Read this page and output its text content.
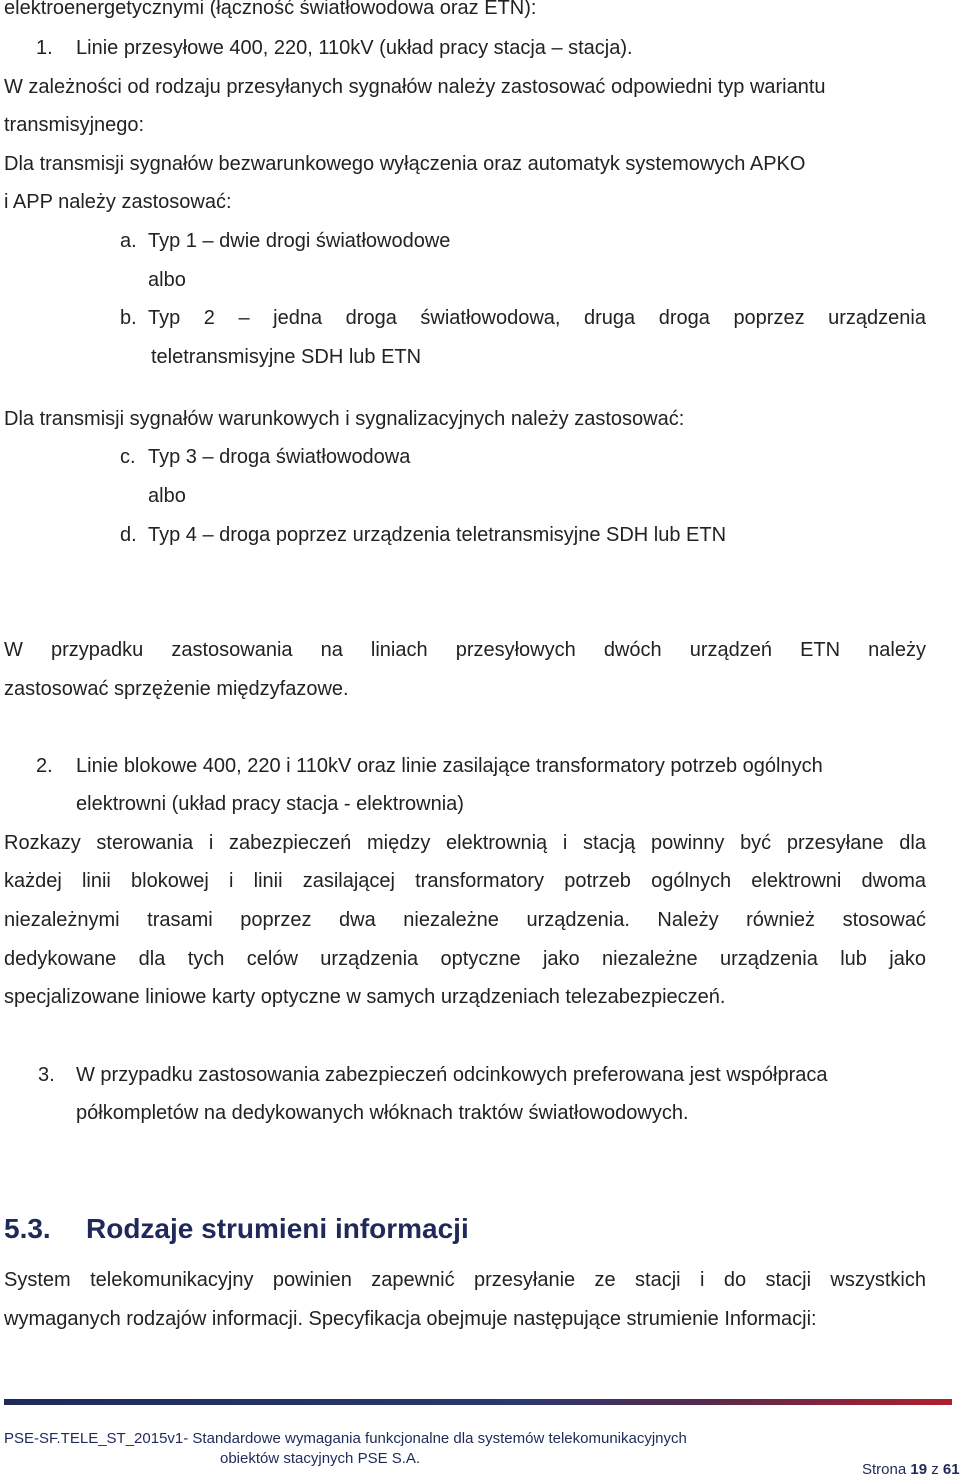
elektroenergetycznymi (łączność światłowodowa oraz ETN):
1. Linie przesyłowe 400, 220, 110kV (układ pracy stacja – stacja).
W zależności od rodzaju przesyłanych sygnałów należy zastosować odpowiedni typ wariantu
transmisyjnego:
Dla transmisji sygnałów bezwarunkowego wyłączenia oraz automatyk systemowych APKO
i APP należy zastosować:
a. Typ 1 – dwie drogi światłowodowe
albo
b. Typ 2 – jedna droga światłowodowa, druga droga poprzez urządzenia
teletransmisyjne SDH lub ETN
Dla transmisji sygnałów warunkowych i sygnalizacyjnych należy zastosować:
c. Typ 3 – droga światłowodowa
albo
d. Typ 4 – droga poprzez urządzenia teletransmisyjne SDH lub ETN
W przypadku zastosowania na liniach przesyłowych dwóch urządzeń ETN należy
zastosować sprzężenie międzyfazowe.
2. Linie blokowe 400, 220 i 110kV oraz linie zasilające transformatory potrzeb ogólnych
elektrowni (układ pracy stacja - elektrownia)
Rozkazy sterowania i zabezpieczeń między elektrownią i stacją powinny być przesyłane dla
każdej linii blokowej i linii zasilającej transformatory potrzeb ogólnych elektrowni dwoma
niezależnymi trasami poprzez dwa niezależne urządzenia. Należy również stosować
dedykowane dla tych celów urządzenia optyczne jako niezależne urządzenia lub jako
specjalizowane liniowe karty optyczne w samych urządzeniach telezabezpieczeń.
3. W przypadku zastosowania zabezpieczeń odcinkowych preferowana jest współpraca
półkompletów na dedykowanych włóknach traktów światłowodowych.
5.3. Rodzaje strumieni informacji
System telekomunikacyjny powinien zapewnić przesyłanie ze stacji i do stacji wszystkich
wymaganych rodzajów informacji. Specyfikacja obejmuje następujące strumienie Informacji:
PSE-SF.TELE_ST_2015v1- Standardowe wymagania funkcjonalne dla systemów telekomunikacyjnych
obiektów stacyjnych PSE S.A.
Strona 19 z 61
